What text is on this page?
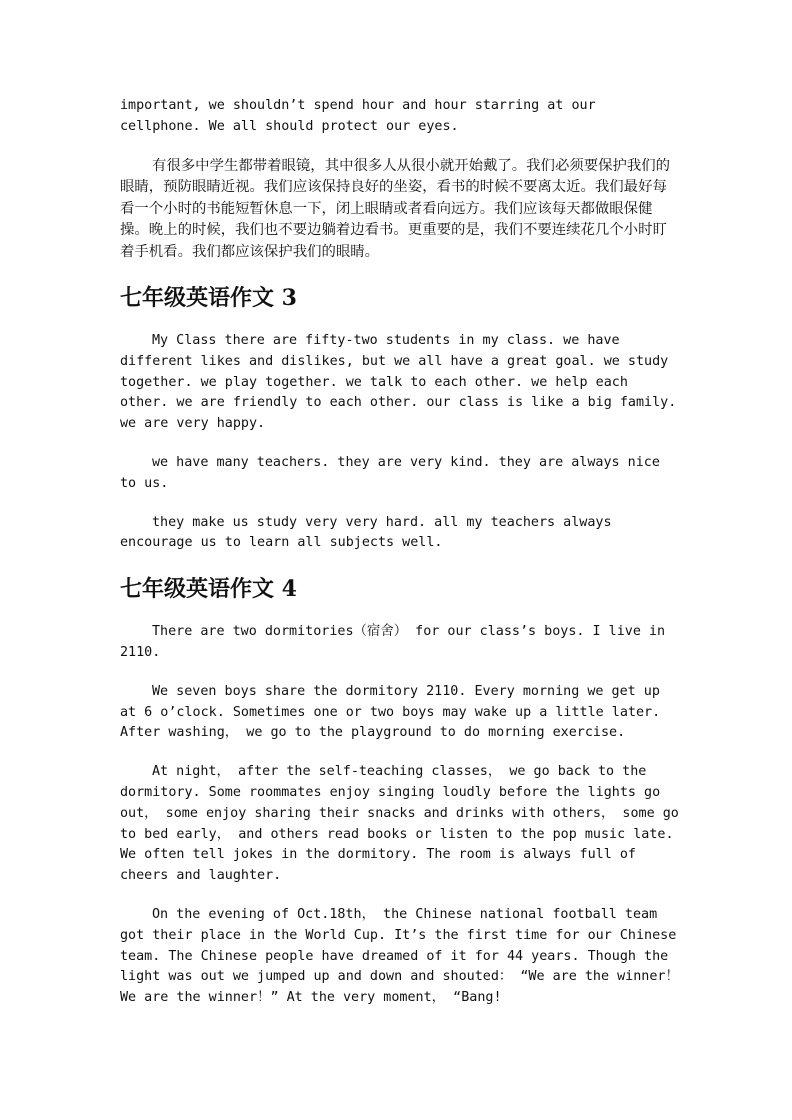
important, we shouldn’t spend hour and hour starring at our cellphone. We all should protect our eyes.

有很多中学生都带着眼镜，其中很多人从很小就开始戴了。我们必须要保护我们的眼睛，预防眼睛近视。我们应该保持良好的坐姿，看书的时候不要离太近。我们最好每看一个小时的书能短暂休息一下，闭上眼睛或者看向远方。我们应该每天都做眼保健操。晚上的时候，我们也不要边躺着边看书。更重要的是，我们不要连续花几个小时盯着手机看。我们都应该保护我们的眼睛。

七年级英语作文 3

My Class there are fifty-two students in my class. we have different likes and dislikes, but we all have a great goal. we study together. we play together. we talk to each other. we help each other. we are friendly to each other. our class is like a big family. we are very happy.

we have many teachers. they are very kind. they are always nice to us.

they make us study very very hard. all my teachers always encourage us to learn all subjects well.

七年级英语作文 4

There are two dormitories（宿舍） for our class’s boys. I live in 2110.

We seven boys share the dormitory 2110. Every morning we get up at 6 o’clock. Sometimes one or two boys may wake up a little later. After washing， we go to the playground to do morning exercise.

At night， after the self-teaching classes， we go back to the dormitory. Some roommates enjoy singing loudly before the lights go out， some enjoy sharing their snacks and drinks with others， some go to bed early， and others read books or listen to the pop music late. We often tell jokes in the dormitory. The room is always full of cheers and laughter.

On the evening of Oct.18th， the Chinese national football team got their place in the World Cup. It’s the first time for our Chinese team. The Chinese people have dreamed of it for 44 years. Though the light was out we jumped up and down and shouted： “We are the winner！ We are the winner！” At the very moment， “Bang!
